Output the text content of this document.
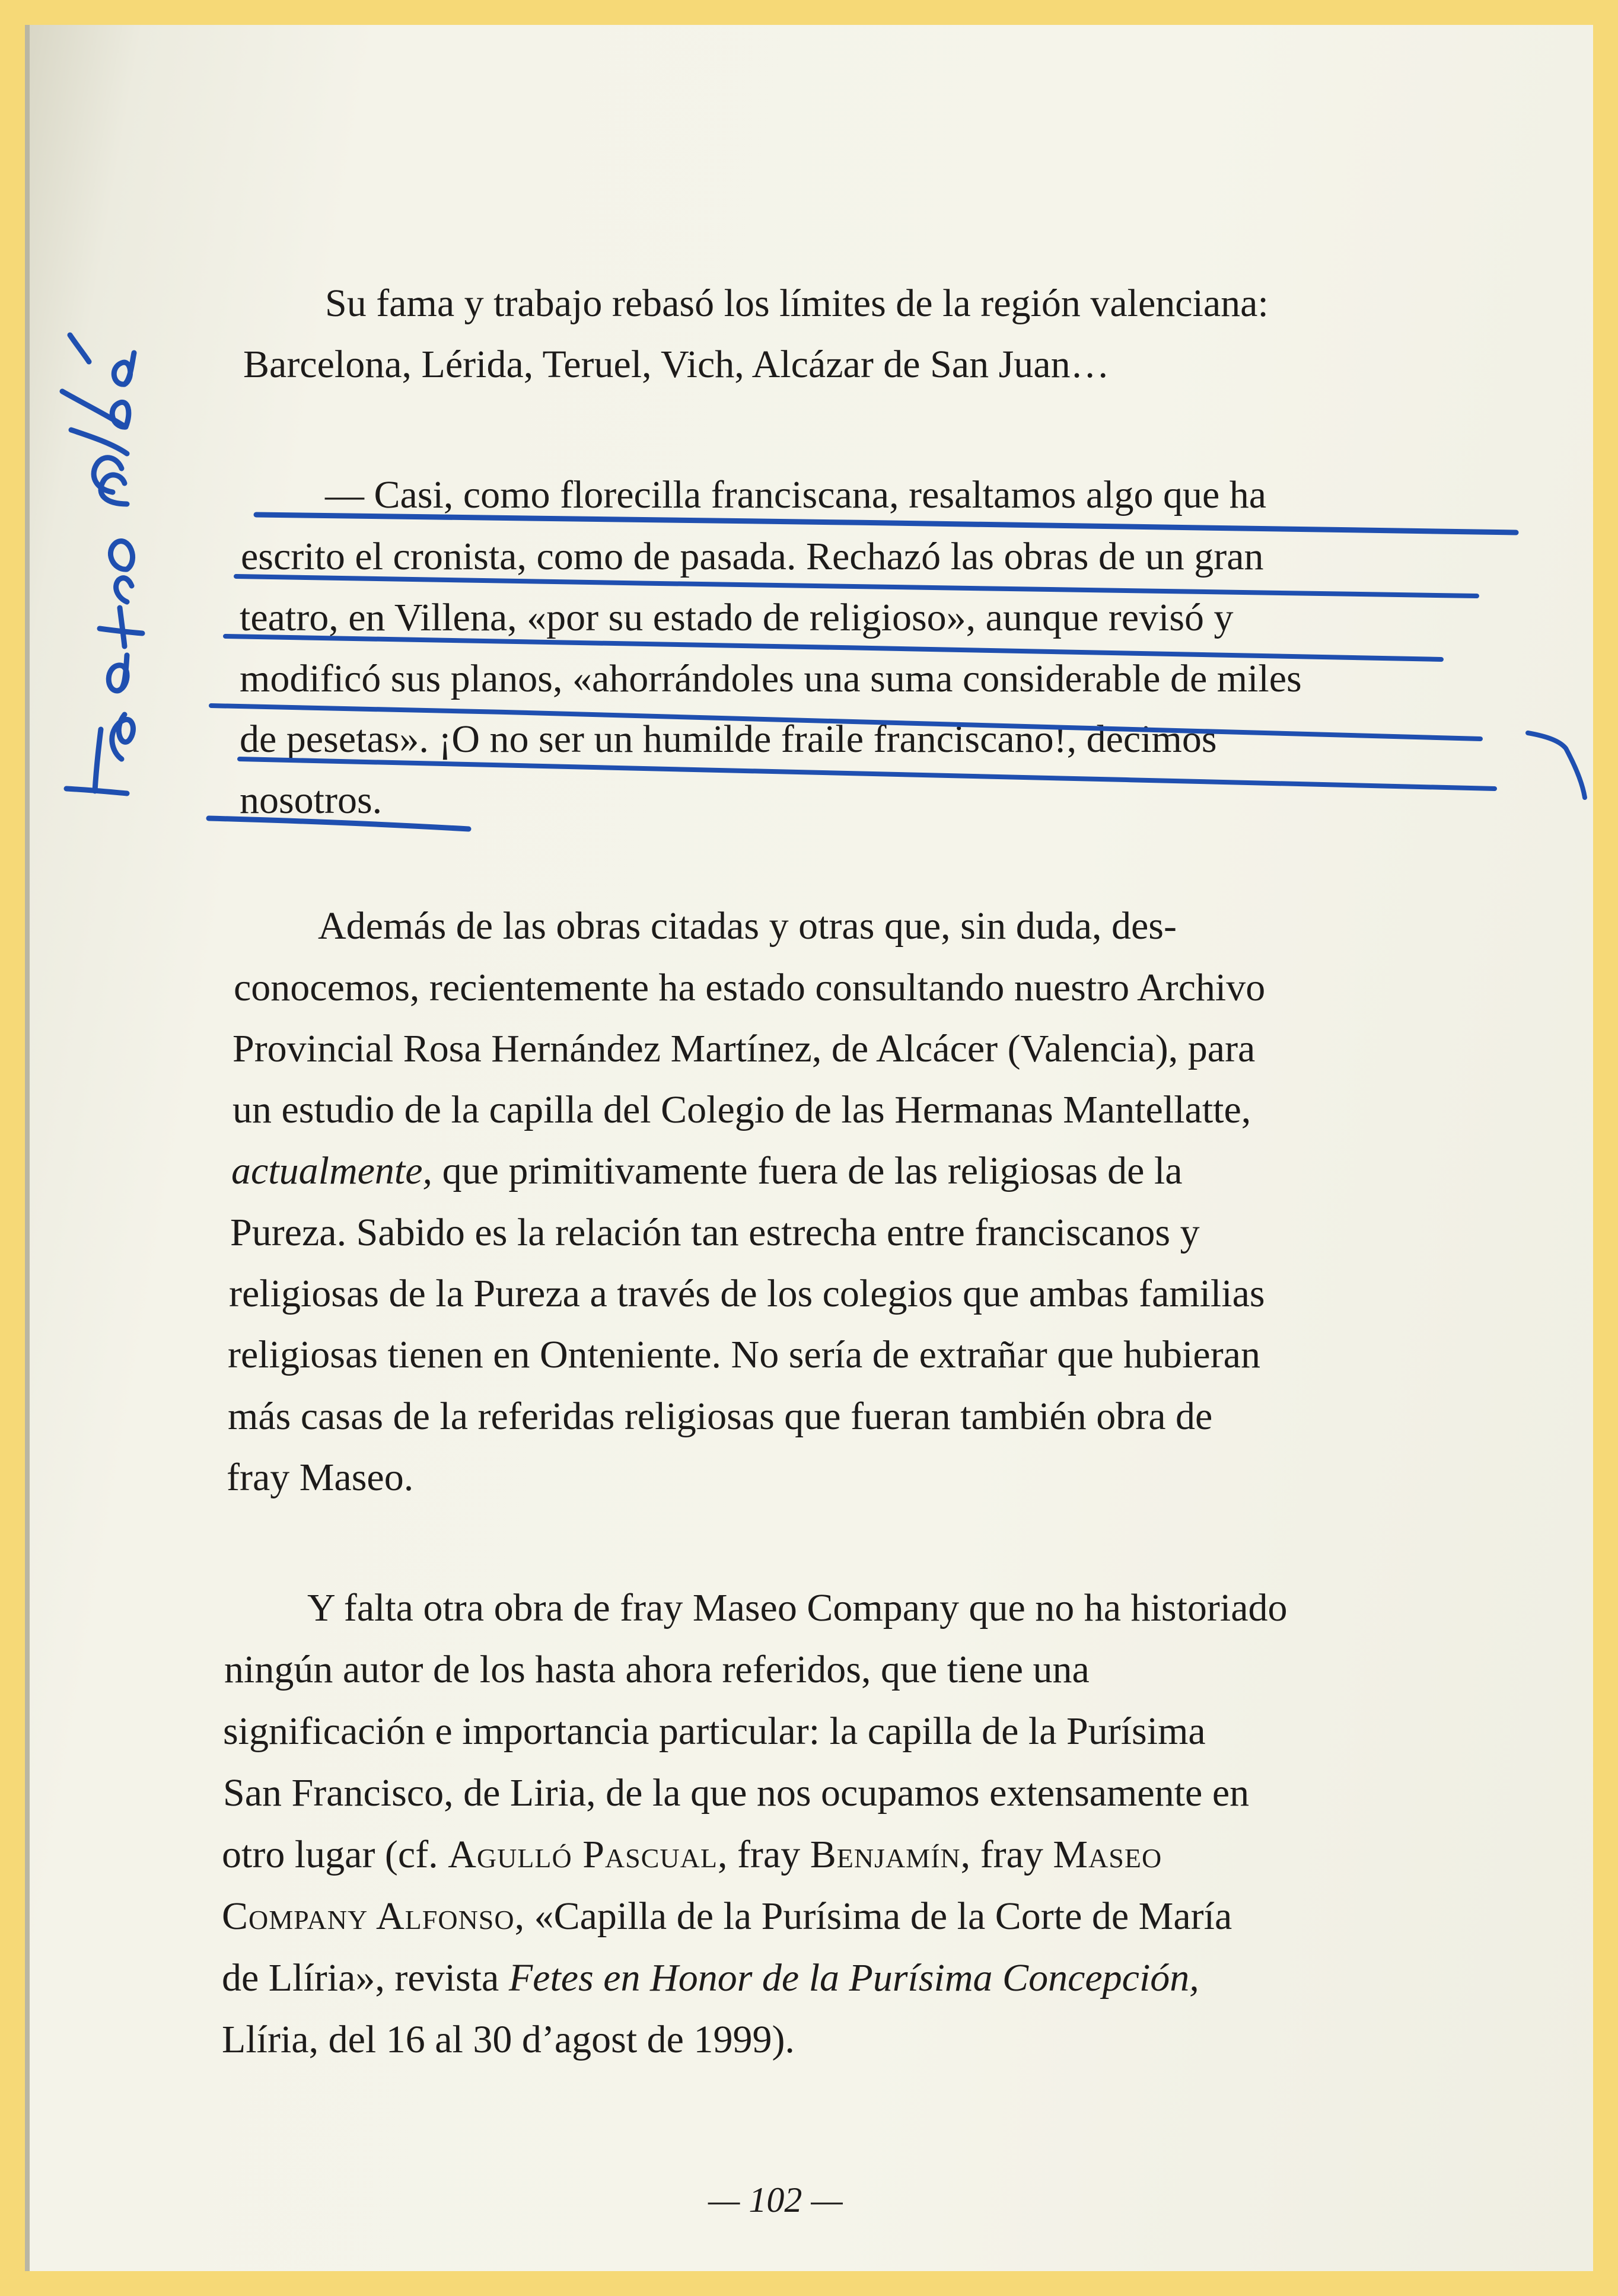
Su fama y trabajo rebasó los límites de la región valenciana:
Barcelona, Lérida, Teruel, Vich, Alcázar de San Juan…
— Casi, como florecilla franciscana, resaltamos algo que ha
escrito el cronista, como de pasada. Rechazó las obras de un gran
teatro, en Villena, «por su estado de religioso», aunque revisó y
modificó sus planos, «ahorrándoles una suma considerable de miles
de pesetas». ¡O no ser un humilde fraile franciscano!, decimos
nosotros.
Además de las obras citadas y otras que, sin duda, des-
conocemos, recientemente ha estado consultando nuestro Archivo
Provincial Rosa Hernández Martínez, de Alcácer (Valencia), para
un estudio de la capilla del Colegio de las Hermanas Mantellatte,
actualmente, que primitivamente fuera de las religiosas de la
Pureza. Sabido es la relación tan estrecha entre franciscanos y
religiosas de la Pureza a través de los colegios que ambas familias
religiosas tienen en Onteniente. No sería de extrañar que hubieran
más casas de la referidas religiosas que fueran también obra de
fray Maseo.
Y falta otra obra de fray Maseo Company que no ha historiado
ningún autor de los hasta ahora referidos, que tiene una
significación e importancia particular: la capilla de la Purísima
San Francisco, de Liria, de la que nos ocupamos extensamente en
otro lugar (cf. Agulló Pascual, fray Benjamín, fray Maseo
Company Alfonso, «Capilla de la Purísima de la Corte de María
de Llíria», revista Fetes en Honor de la Purísima Concepción,
Llíria, del 16 al 30 d’agost de 1999).
— 102 —
